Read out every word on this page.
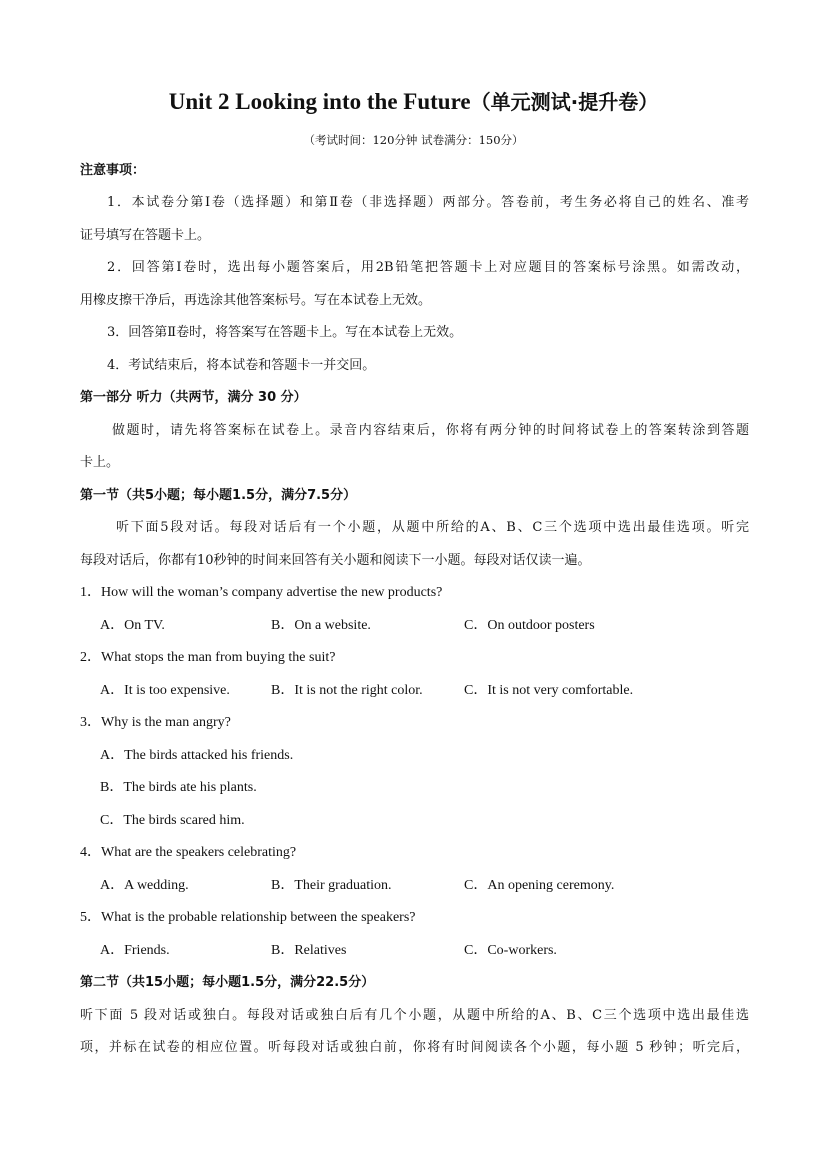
Unit 2 Looking into the Future（单元测试·提升卷）
（考试时间：120分钟 试卷满分：150分）
注意事项：
1．本试卷分第Ⅰ卷（选择题）和第Ⅱ卷（非选择题）两部分。答卷前，考生务必将自己的姓名、准考
证号填写在答题卡上。
2．回答第Ⅰ卷时，选出每小题答案后，用2B铅笔把答题卡上对应题目的答案标号涂黑。如需改动，
用橡皮擦干净后，再选涂其他答案标号。写在本试卷上无效。
3．回答第Ⅱ卷时，将答案写在答题卡上。写在本试卷上无效。
4．考试结束后，将本试卷和答题卡一并交回。
第一部分 听力（共两节，满分 30 分）
做题时，请先将答案标在试卷上。录音内容结束后，你将有两分钟的时间将试卷上的答案转涂到答题
卡上。
第一节（共5小题；每小题1.5分，满分7.5分）
听下面5段对话。每段对话后有一个小题，从题中所给的A、B、C三个选项中选出最佳选项。听完
每段对话后，你都有10秒钟的时间来回答有关小题和阅读下一小题。每段对话仅读一遍。
1．How will the woman’s company advertise the new products?
A．On TV.	B．On a website.	C．On outdoor posters
2．What stops the man from buying the suit?
A．It is too expensive.	B．It is not the right color.	C．It is not very comfortable.
3．Why is the man angry?
A．The birds attacked his friends.
B．The birds ate his plants.
C．The birds scared him.
4．What are the speakers celebrating?
A．A wedding.	B．Their graduation.	C．An opening ceremony.
5．What is the probable relationship between the speakers?
A．Friends.	B．Relatives	C．Co-workers.
第二节（共15小题；每小题1.5分，满分22.5分）
听下面 5 段对话或独白。每段对话或独白后有几个小题，从题中所给的A、B、C三个选项中选出最佳选
项，并标在试卷的相应位置。听每段对话或独白前，你将有时间阅读各个小题，每小题 5 秒钟；听完后，
